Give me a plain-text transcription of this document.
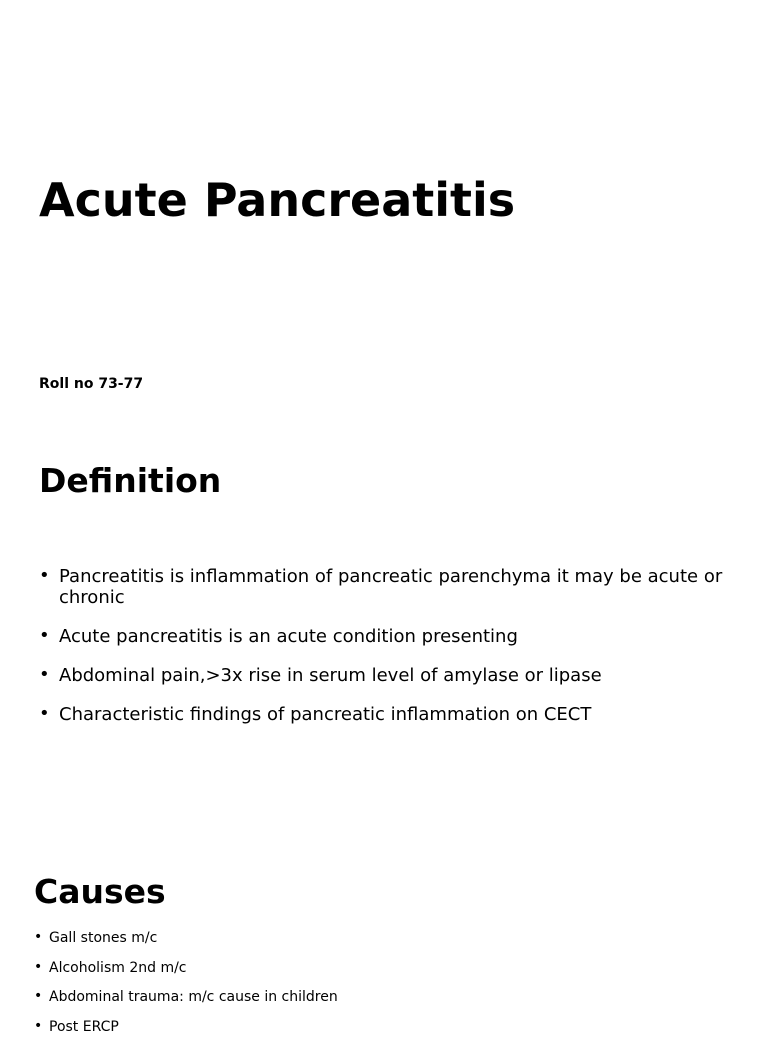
Acute Pancreatitis
Roll no 73-77
Definition
• Pancreatitis is inflammation of pancreatic parenchyma it may be acute or chronic
• Acute pancreatitis is an acute condition presenting
• Abdominal pain,>3x rise in serum level of amylase or lipase
• Characteristic findings of pancreatic inflammation on CECT
Causes
• Gall stones m/c
• Alcoholism 2nd m/c
• Abdominal trauma: m/c cause in children
• Post ERCP
